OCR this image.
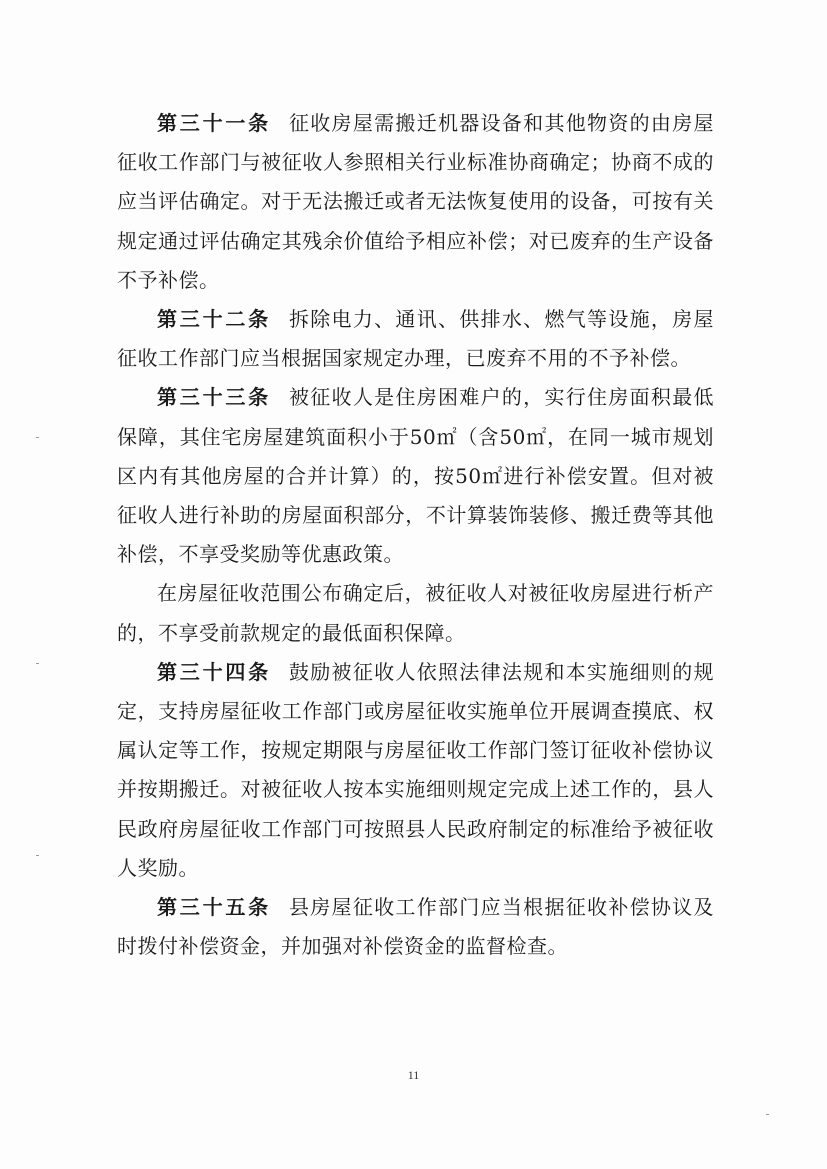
第三十一条 征收房屋需搬迁机器设备和其他物资的由房屋征收工作部门与被征收人参照相关行业标准协商确定；协商不成的应当评估确定。对于无法搬迁或者无法恢复使用的设备，可按有关规定通过评估确定其残余价值给予相应补偿；对已废弃的生产设备不予补偿。

第三十二条 拆除电力、通讯、供排水、燃气等设施，房屋征收工作部门应当根据国家规定办理，已废弃不用的不予补偿。

第三十三条 被征收人是住房困难户的，实行住房面积最低保障，其住宅房屋建筑面积小于50㎡（含50㎡，在同一城市规划区内有其他房屋的合并计算）的，按50㎡进行补偿安置。但对被征收人进行补助的房屋面积部分，不计算装饰装修、搬迁费等其他补偿，不享受奖励等优惠政策。

在房屋征收范围公布确定后，被征收人对被征收房屋进行析产的，不享受前款规定的最低面积保障。

第三十四条 鼓励被征收人依照法律法规和本实施细则的规定，支持房屋征收工作部门或房屋征收实施单位开展调查摸底、权属认定等工作，按规定期限与房屋征收工作部门签订征收补偿协议并按期搬迁。对被征收人按本实施细则规定完成上述工作的，县人民政府房屋征收工作部门可按照县人民政府制定的标准给予被征收人奖励。

第三十五条 县房屋征收工作部门应当根据征收补偿协议及时拨付补偿资金，并加强对补偿资金的监督检查。

11
